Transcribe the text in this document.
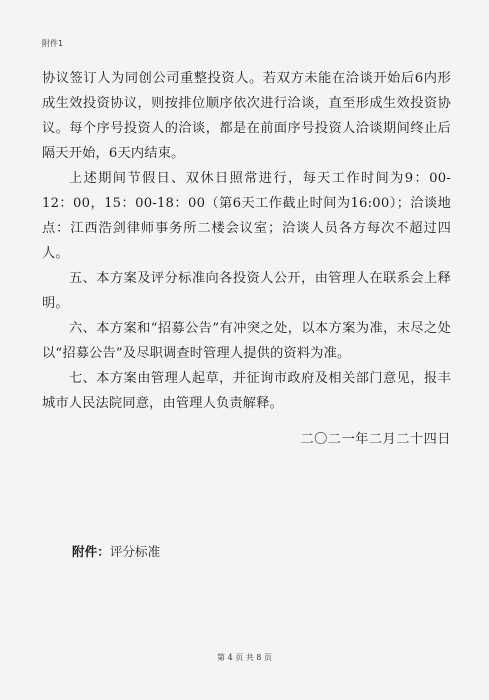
附件1

协议签订人为同创公司重整投资人。若双方未能在洽谈开始后6内形成生效投资协议，则按排位顺序依次进行洽谈，直至形成生效投资协议。每个序号投资人的洽谈，都是在前面序号投资人洽谈期间终止后隔天开始，6天内结束。

上述期间节假日、双休日照常进行，每天工作时间为9：00-12：00，15：00-18：00（第6天工作截止时间为16:00）；洽谈地点：江西浩剑律师事务所二楼会议室；洽谈人员各方每次不超过四人。

五、本方案及评分标准向各投资人公开，由管理人在联系会上释明。

六、本方案和“招募公告”有冲突之处，以本方案为准，末尽之处以“招募公告”及尽职调查时管理人提供的资料为准。

七、本方案由管理人起草，并征询市政府及相关部门意见，报丰城市人民法院同意，由管理人负责解释。

二〇二一年二月二十四日
附件：评分标准
第 4 页 共 8 页
